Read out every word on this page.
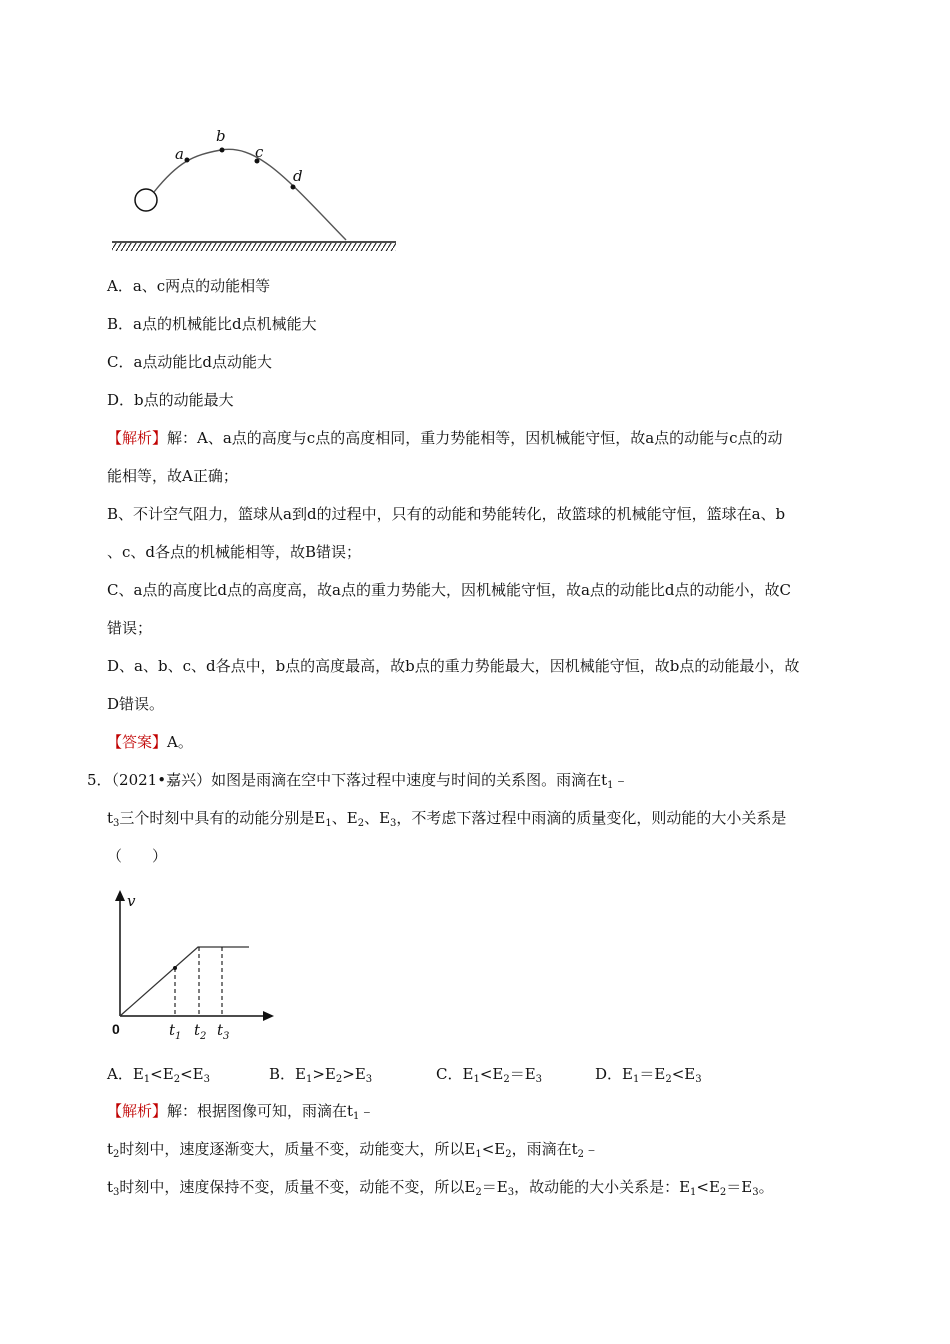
a
b
c
d
A．a、c两点的动能相等
B．a点的机械能比d点机械能大
C．a点动能比d点动能大
D．b点的动能最大
【解析】解：A、a点的高度与c点的高度相同，重力势能相等，因机械能守恒，故a点的动能与c点的动
能相等，故A正确；
B、不计空气阻力，篮球从a到d的过程中，只有的动能和势能转化，故篮球的机械能守恒，篮球在a、b
、c、d各点的机械能相等，故B错误；
C、a点的高度比d点的高度高，故a点的重力势能大，因机械能守恒，故a点的动能比d点的动能小，故C
错误；
D、a、b、c、d各点中，b点的高度最高，故b点的重力势能最大，因机械能守恒，故b点的动能最小，故
D错误。
【答案】A。
5．（2021•嘉兴）如图是雨滴在空中下落过程中速度与时间的关系图。雨滴在$t_1﹣$
$t_3$三个时刻中具有的动能分别是$E_1$、$E_2$、$E_3$，不考虑下落过程中雨滴的质量变化，则动能的大小关系是
（　　）
v
0	$t_1$ $t_2$ $t_3$
A．$E_1<E_2<E_3$	B．$E_1>E_2>E_3$	C．$E_1<E_2=E_3$	D．$E_1=E_2<E_3$
【解析】解：根据图像可知，雨滴在$t_1﹣$
$t_2$时刻中，速度逐渐变大，质量不变，动能变大，所以$E_1<E_2$，雨滴在$t_2﹣$
$t_3$时刻中，速度保持不变，质量不变，动能不变，所以$E_2=E_3$，故动能的大小关系是：$E_1<E_2=E_3$。
